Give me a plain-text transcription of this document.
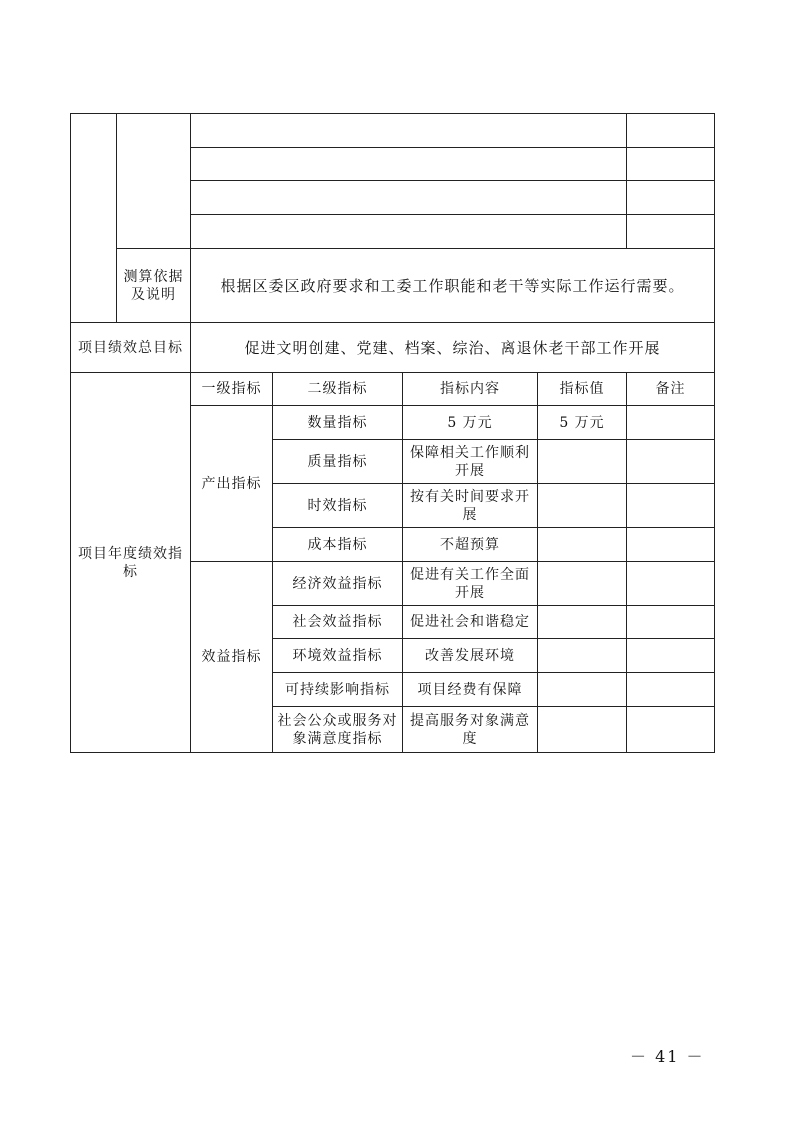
	测算依据及说明	根据区委区政府要求和工委工作职能和老干等实际工作运行需要。				
项目绩效总目标		促进文明创建、党建、档案、综治、离退休老干部工作开展				
项目年度绩效指标		一级指标	二级指标	指标内容	指标值	备注
		产出指标	数量指标	5 万元	5 万元	
			质量指标	保障相关工作顺利开展		
			时效指标	按有关时间要求开展		
			成本指标	不超预算		
		效益指标	经济效益指标	促进有关工作全面开展		
			社会效益指标	促进社会和谐稳定		
			环境效益指标	改善发展环境		
			可持续影响指标	项目经费有保障		
			社会公众或服务对象满意度指标	提高服务对象满意度		
－ 41 －
